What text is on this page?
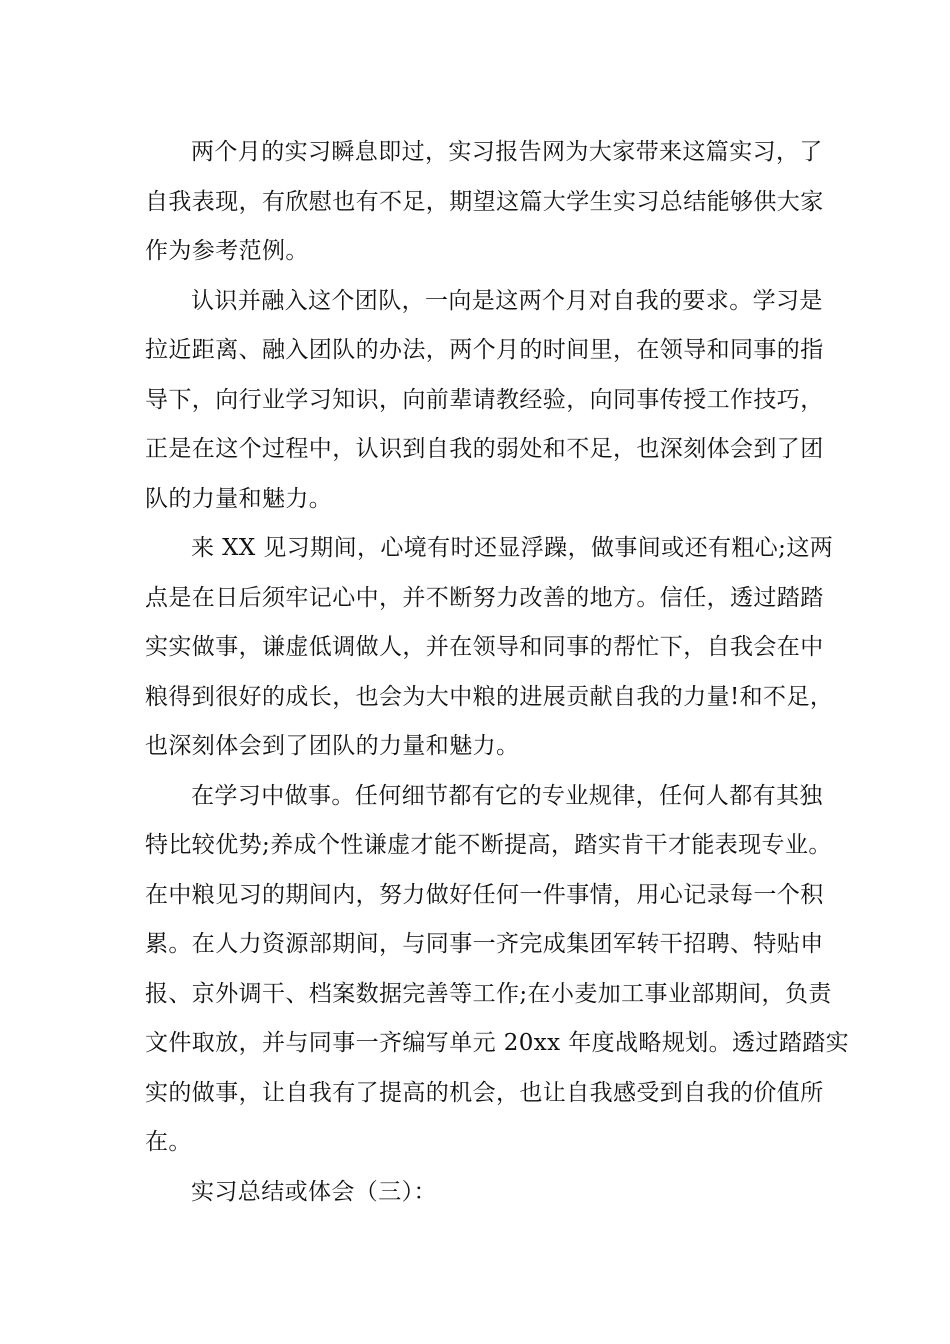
两个月的实习瞬息即过，实习报告网为大家带来这篇实习，了
自我表现，有欣慰也有不足，期望这篇大学生实习总结能够供大家
作为参考范例。

认识并融入这个团队，一向是这两个月对自我的要求。学习是
拉近距离、融入团队的办法，两个月的时间里，在领导和同事的指
导下，向行业学习知识，向前辈请教经验，向同事传授工作技巧，
正是在这个过程中，认识到自我的弱处和不足，也深刻体会到了团
队的力量和魅力。

来 XX 见习期间，心境有时还显浮躁，做事间或还有粗心;这两
点是在日后须牢记心中，并不断努力改善的地方。信任，透过踏踏
实实做事，谦虚低调做人，并在领导和同事的帮忙下，自我会在中
粮得到很好的成长，也会为大中粮的进展贡献自我的力量!和不足，
也深刻体会到了团队的力量和魅力。

在学习中做事。任何细节都有它的专业规律，任何人都有其独
特比较优势;养成个性谦虚才能不断提高，踏实肯干才能表现专业。
在中粮见习的期间内，努力做好任何一件事情，用心记录每一个积
累。在人力资源部期间，与同事一齐完成集团军转干招聘、特贴申
报、京外调干、档案数据完善等工作;在小麦加工事业部期间，负责
文件取放，并与同事一齐编写单元 20xx 年度战略规划。透过踏踏实
实的做事，让自我有了提高的机会，也让自我感受到自我的价值所
在。

实习总结或体会（三）：
